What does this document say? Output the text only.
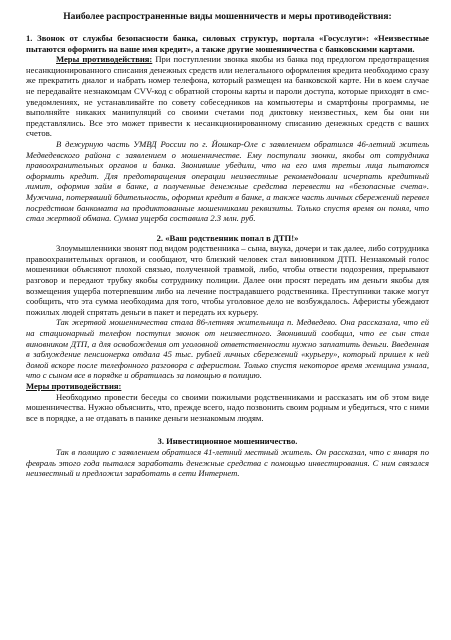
Наиболее распространенные виды мошенничеств и меры противодействия:
1. Звонок от службы безопасности банка, силовых структур, портала «Госуслуги»: «Неизвестные пытаются оформить на ваше имя кредит», а также другие мошенничества с банковскими картами.
Меры противодействия: При поступлении звонка якобы из банка под предлогом предотвращения несанкционированного списания денежных средств или нелегального оформления кредита необходимо сразу же прекратить диалог и набрать номер телефона, который размещен на банковской карте. Ни в коем случае не передавайте незнакомцам CVV-код с обратной стороны карты и пароли доступа, которые приходят в смс-уведомлениях, не устанавливайте по совету собеседников на компьютеры и смартфоны программы, не выполняйте никаких манипуляций со своими счетами под диктовку неизвестных, кем бы они ни представлялись. Все это может привести к несанкционированному списанию денежных средств с ваших счетов.
В дежурную часть УМВД России по г. Йошкар-Оле с заявлением обратился 46-летний житель Медведевского района с заявлением о мошенничестве. Ему поступали звонки, якобы от сотрудника правоохранительных органов и банка. Звонившие убедили, что на его имя третьи лица пытаются оформить кредит. Для предотвращения операции неизвестные рекомендовали исчерпать кредитный лимит, оформив займ в банке, а полученные денежные средства перевести на «безопасные счета». Мужчина, потерявший бдительность, оформил кредит в банке, а также часть личных сбережений перевел посредством банкомата на продиктованные мошенниками реквизиты. Только спустя время он понял, что стал жертвой обмана. Сумма ущерба составила 2.3 млн. руб.
2. «Ваш родственник попал в ДТП!»
Злоумышленники звонят под видом родственника – сына, внука, дочери и так далее, либо сотрудника правоохранительных органов, и сообщают, что близкий человек стал виновником ДТП. Незнакомый голос мошенники объясняют плохой связью, полученной травмой, либо, чтобы отвести подозрения, прерывают разговор и передают трубку якобы сотруднику полиции. Далее они просят передать им деньги якобы для возмещения ущерба потерпевшим либо на лечение пострадавшего родственника. Преступники также могут сообщить, что эта сумма необходима для того, чтобы уголовное дело не возбуждалось. Аферисты убеждают пожилых людей спрятать деньги в пакет и передать их курьеру.
Так жертвой мошенничества стала 86-летняя жительница п. Медведево. Она рассказала, что ей на стационарный телефон поступил звонок от неизвестного. Звонивший сообщил, что ее сын стал виновником ДТП, а для освобождения от уголовной ответственности нужно заплатить деньги. Введенная в заблуждение пенсионерка отдала 45 тыс. рублей личных сбережений «курьеру», который пришел к ней домой вскоре после телефонного разговора с аферистом. Только спустя некоторое время женщина узнала, что с сыном все в порядке и обратилась за помощью в полицию.
Меры противодействия:
Необходимо провести беседы со своими пожилыми родственниками и рассказать им об этом виде мошенничества. Нужно объяснить, что, прежде всего, надо позвонить своим родным и убедиться, что с ними все в порядке, а не отдавать в панике деньги незнакомым людям.
3. Инвестиционное мошенничество.
Так в полицию с заявлением обратился 41-летний местный житель. Он рассказал, что с января по февраль этого года пытался заработать денежные средства с помощью инвестирования. С ним связался неизвестный и предложил заработать в сети Интернет.
